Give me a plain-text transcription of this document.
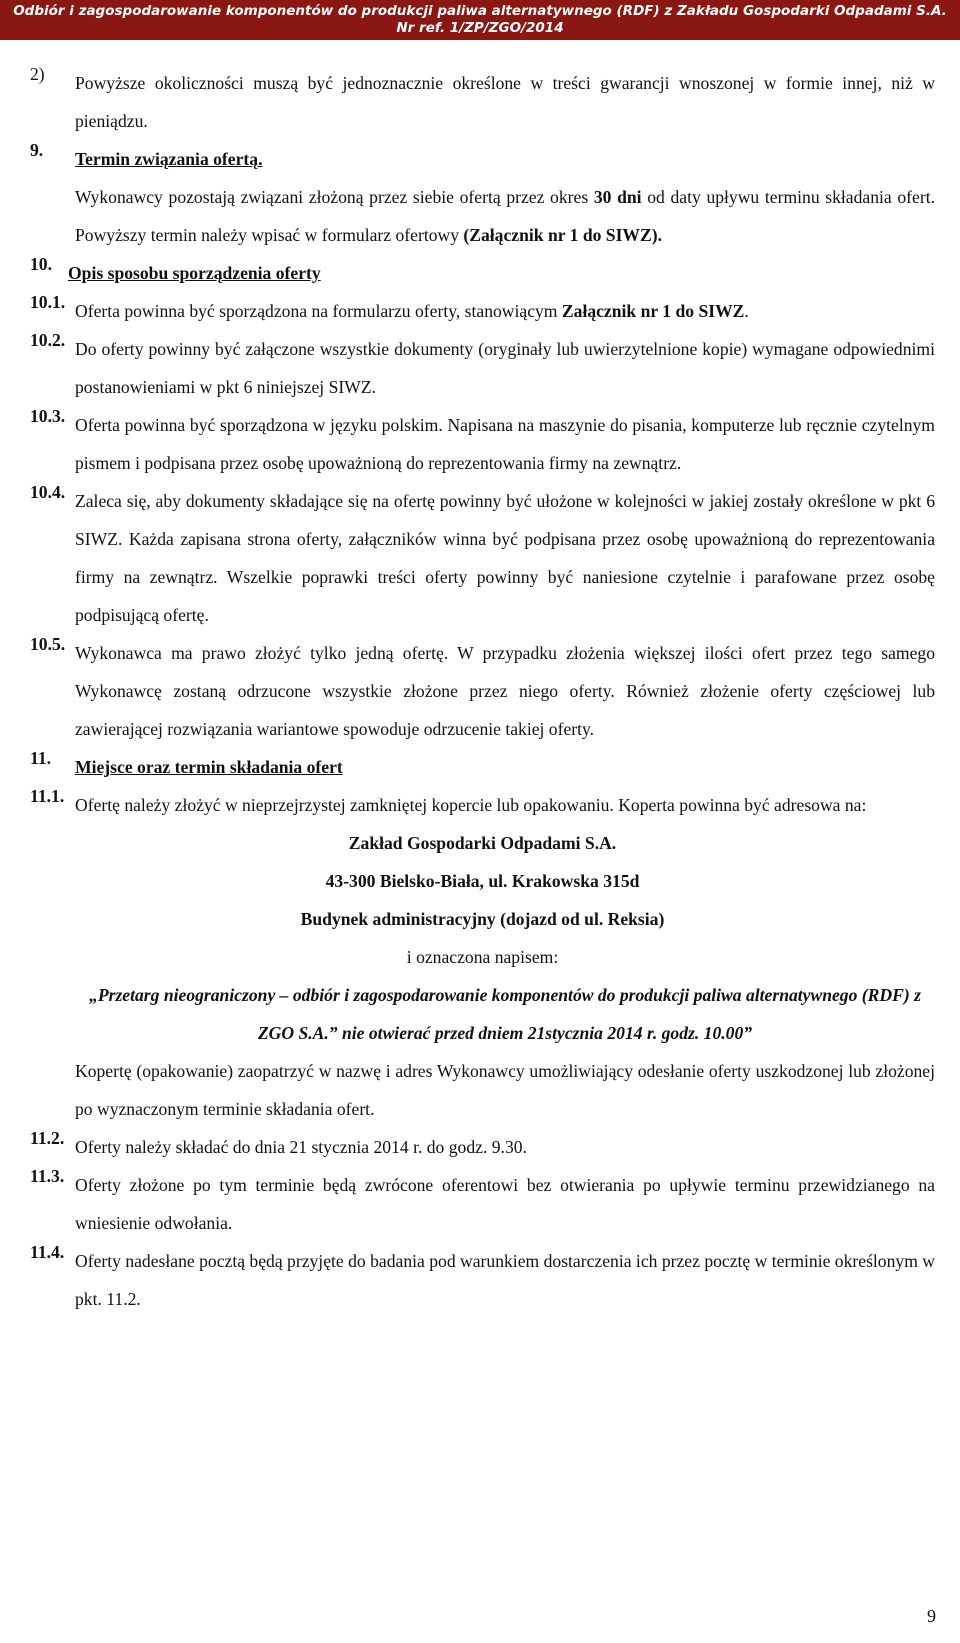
Odbiór i zagospodarowanie komponentów do produkcji paliwa alternatywnego (RDF) z Zakładu Gospodarki Odpadami S.A.
Nr ref. 1/ZP/ZGO/2014
2)	Powyższe okoliczności muszą być jednoznacznie określone w treści gwarancji wnoszonej w formie innej, niż w pieniądzu.
9.	Termin związania ofertą.
Wykonawcy pozostają związani złożoną przez siebie ofertą przez okres 30 dni od daty upływu terminu składania ofert. Powyższy termin należy wpisać w formularz ofertowy (Załącznik nr 1 do SIWZ).
10. Opis sposobu sporządzenia oferty
10.1. Oferta powinna być sporządzona na formularzu oferty, stanowiącym Załącznik nr 1 do SIWZ.
10.2. Do oferty powinny być załączone wszystkie dokumenty (oryginały lub uwierzytelnione kopie) wymagane odpowiednimi postanowieniami w pkt 6 niniejszej SIWZ.
10.3. Oferta powinna być sporządzona w języku polskim. Napisana na maszynie do pisania, komputerze lub ręcznie czytelnym pismem i podpisana przez osobę upoważnioną do reprezentowania firmy na zewnątrz.
10.4. Zaleca się, aby dokumenty składające się na ofertę powinny być ułożone w kolejności w jakiej zostały określone w pkt 6 SIWZ. Każda zapisana strona oferty, załączników winna być podpisana przez osobę upoważnioną do reprezentowania firmy na zewnątrz. Wszelkie poprawki treści oferty powinny być naniesione czytelnie i parafowane przez osobę podpisującą ofertę.
10.5. Wykonawca ma prawo złożyć tylko jedną ofertę. W przypadku złożenia większej ilości ofert przez tego samego Wykonawcę zostaną odrzucone wszystkie złożone przez niego oferty. Również złożenie oferty częściowej lub zawierającej rozwiązania wariantowe spowoduje odrzucenie takiej oferty.
11.	Miejsce oraz termin składania ofert
11.1. Ofertę należy złożyć w nieprzejrzystej zamkniętej kopercie lub opakowaniu. Koperta powinna być adresowa na:
Zakład Gospodarki Odpadami S.A.
43-300 Bielsko-Biała, ul. Krakowska 315d
Budynek administracyjny (dojazd od ul. Reksia)
i oznaczona napisem:
„Przetarg nieograniczony – odbiór i zagospodarowanie komponentów do produkcji paliwa alternatywnego (RDF) z ZGO S.A.” nie otwierać przed dniem 21stycznia 2014 r. godz. 10.00”
Kopertę (opakowanie) zaopatrzyć w nazwę i adres Wykonawcy umożliwiający odesłanie oferty uszkodzonej lub złożonej po wyznaczonym terminie składania ofert.
11.2. Oferty należy składać do dnia 21 stycznia 2014 r. do godz. 9.30.
11.3. Oferty złożone po tym terminie będą zwrócone oferentowi bez otwierania po upływie terminu przewidzianego na wniesienie odwołania.
11.4. Oferty nadesłane pocztą będą przyjęte do badania pod warunkiem dostarczenia ich przez pocztę w terminie określonym w pkt. 11.2.
9
